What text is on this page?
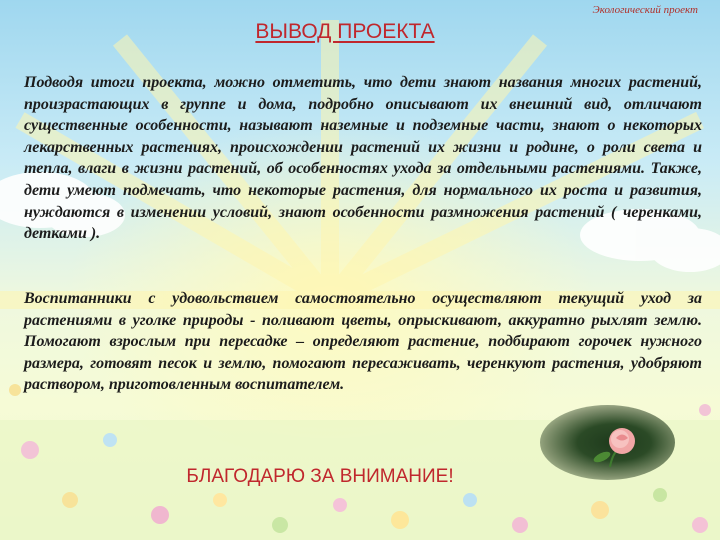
Экологический проект

ВЫВОД ПРОЕКТА

Подводя итоги проекта, можно отметить, что дети знают названия многих растений, произрастающих в группе и дома, подробно описывают их внешний вид, отличают существенные особенности, называют наземные и подземные части, знают о некоторых лекарственных растениях, происхождении растений их жизни и родине, о роли света и тепла, влаги в жизни растений, об особенностях ухода за отдельными растениями. Также, дети умеют подмечать, что некоторые растения, для нормального их роста и развития, нуждаются в изменении условий, знают особенности размножения растений ( черенками, детками ).

Воспитанники с удовольствием самостоятельно осуществляют текущий уход за растениями в уголке природы - поливают цветы, опрыскивают, аккуратно рыхлят землю. Помогают взрослым при пересадке – определяют растение, подбирают горочек нужного размера, готовят песок и землю, помогают пересаживать, черенкуют растения, удобряют раствором, приготовленным воспитателем.

БЛАГОДАРЮ ЗА ВНИМАНИЕ!
